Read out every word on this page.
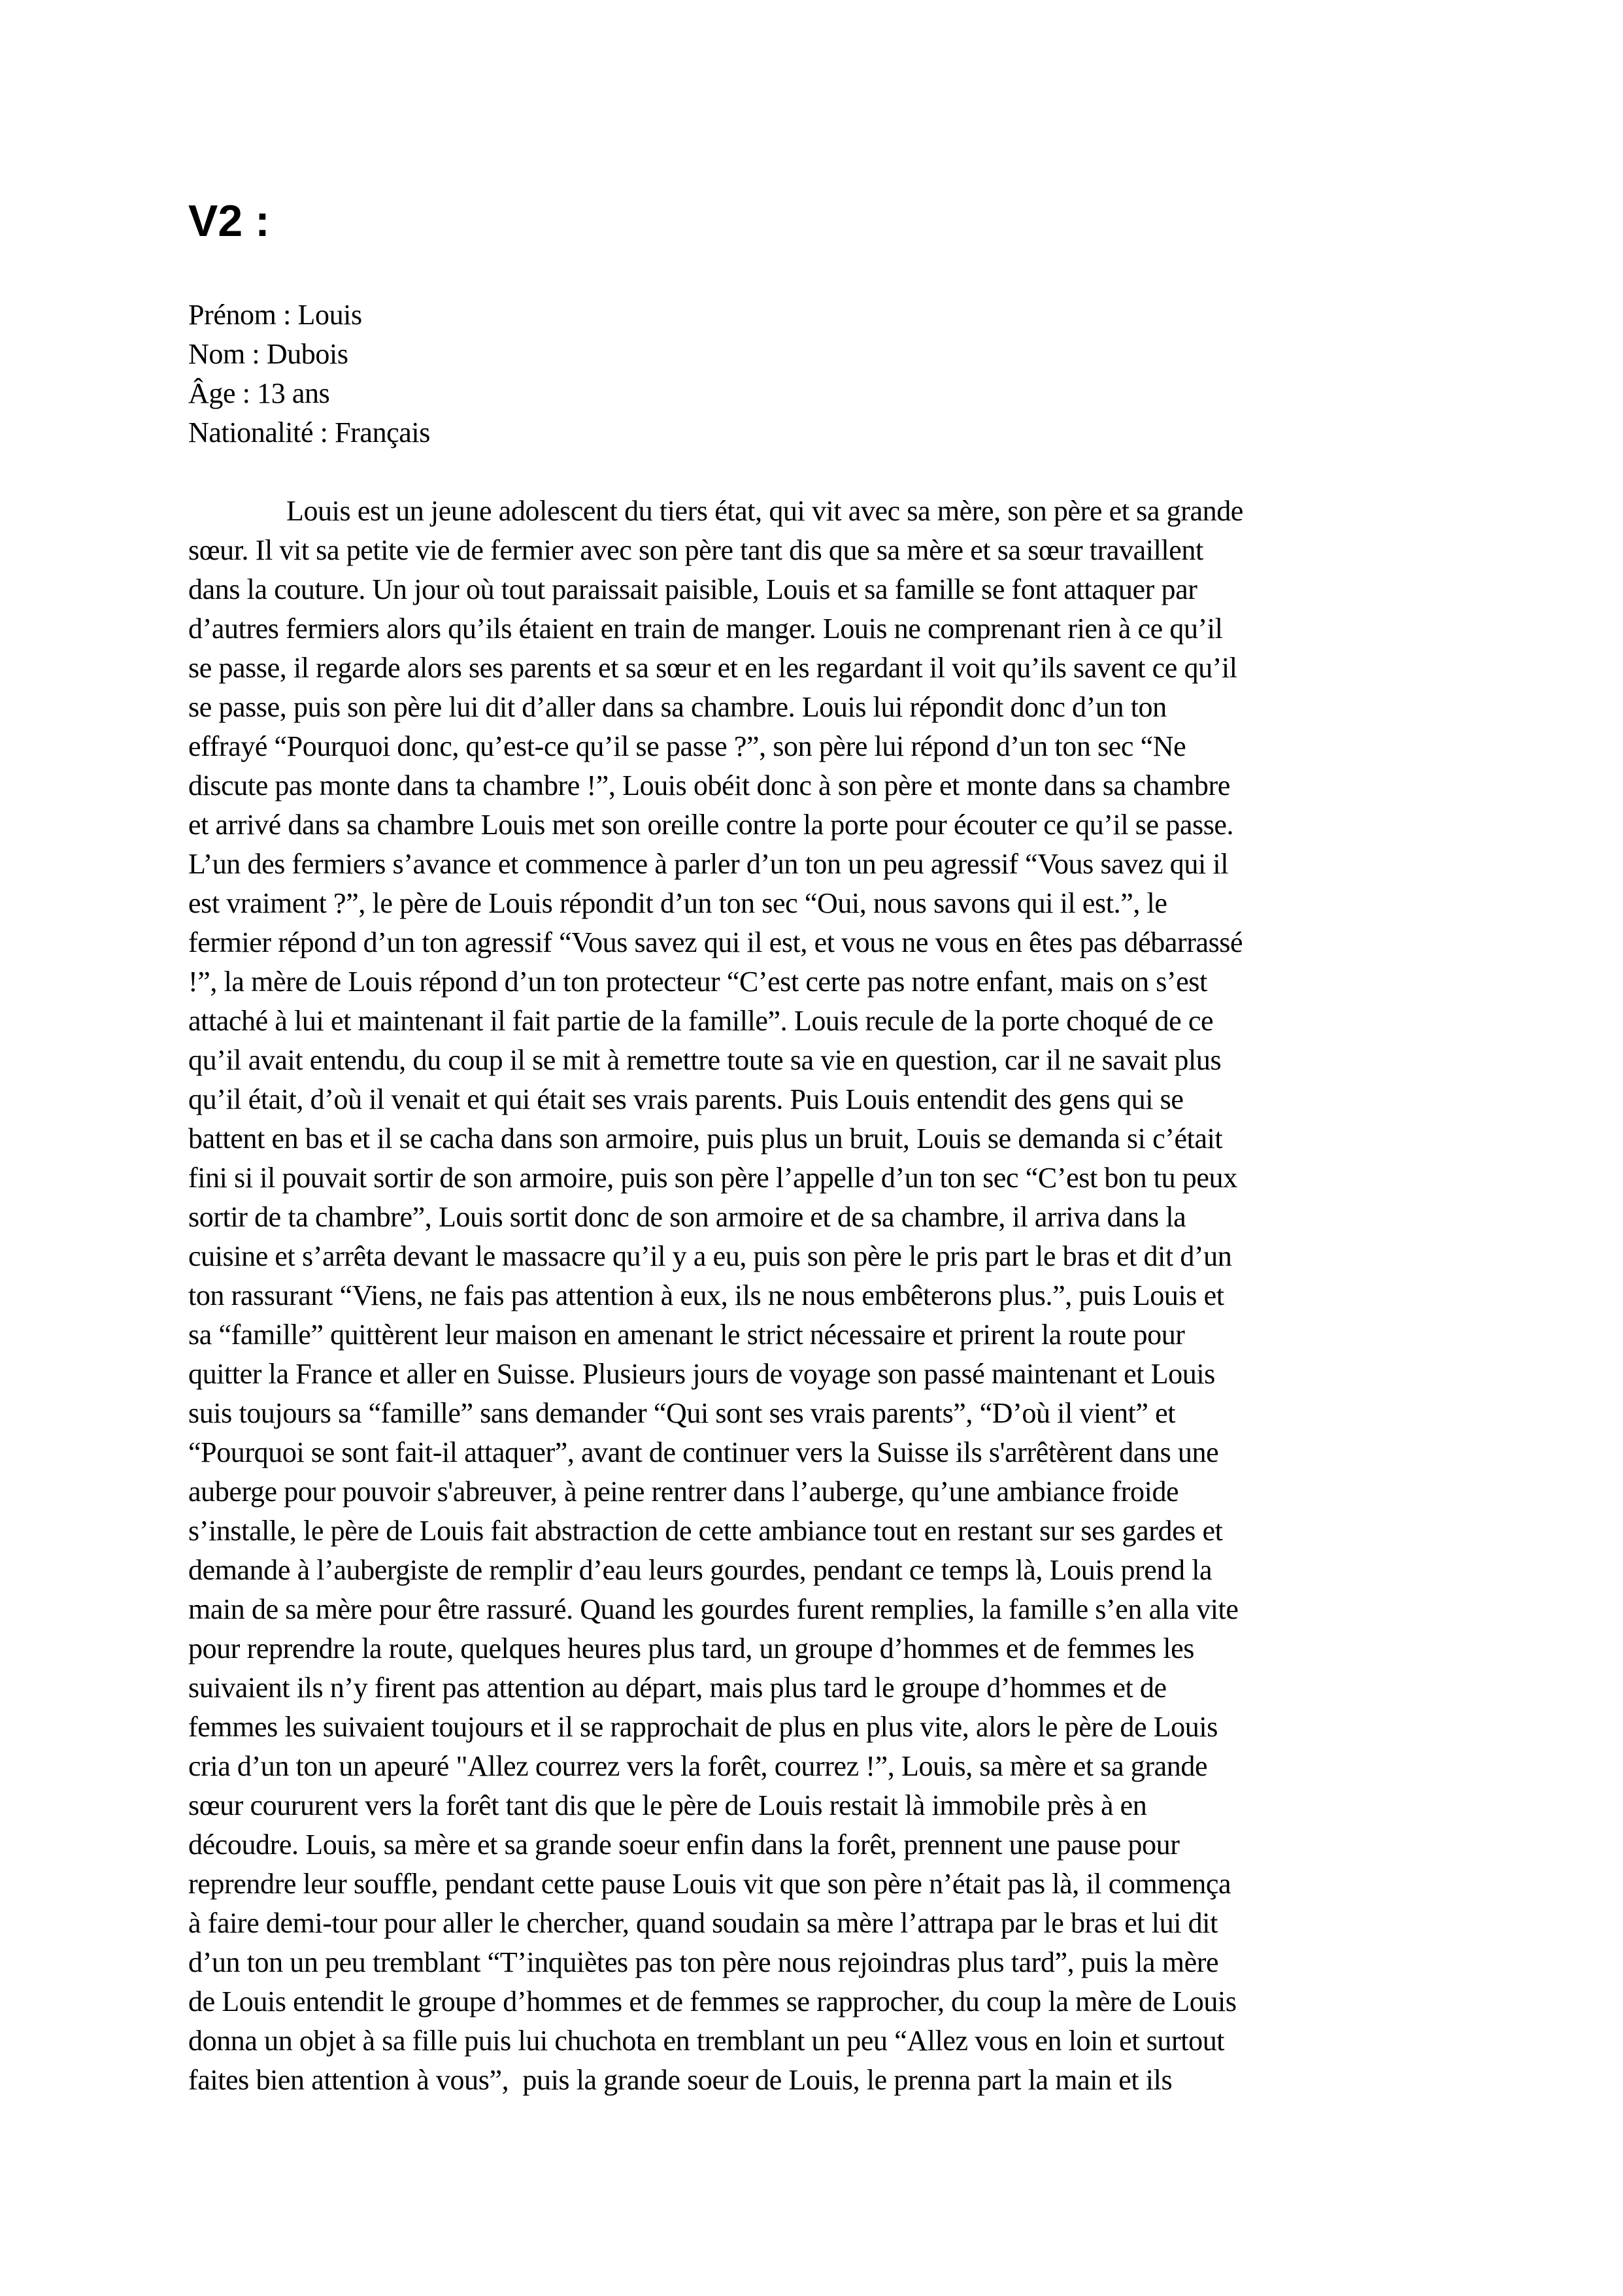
V2 :
Prénom : Louis
Nom : Dubois
Âge : 13 ans
Nationalité : Français
Louis est un jeune adolescent du tiers état, qui vit avec sa mère, son père et sa grande
sœur. Il vit sa petite vie de fermier avec son père tant dis que sa mère et sa sœur travaillent
dans la couture. Un jour où tout paraissait paisible, Louis et sa famille se font attaquer par
d’autres fermiers alors qu’ils étaient en train de manger. Louis ne comprenant rien à ce qu’il
se passe, il regarde alors ses parents et sa sœur et en les regardant il voit qu’ils savent ce qu’il
se passe, puis son père lui dit d’aller dans sa chambre. Louis lui répondit donc d’un ton
effrayé “Pourquoi donc, qu’est-ce qu’il se passe ?”, son père lui répond d’un ton sec “Ne
discute pas monte dans ta chambre !”, Louis obéit donc à son père et monte dans sa chambre
et arrivé dans sa chambre Louis met son oreille contre la porte pour écouter ce qu’il se passe.
L’un des fermiers s’avance et commence à parler d’un ton un peu agressif “Vous savez qui il
est vraiment ?”, le père de Louis répondit d’un ton sec “Oui, nous savons qui il est.”, le
fermier répond d’un ton agressif “Vous savez qui il est, et vous ne vous en êtes pas débarrassé
!”, la mère de Louis répond d’un ton protecteur “C’est certe pas notre enfant, mais on s’est
attaché à lui et maintenant il fait partie de la famille”. Louis recule de la porte choqué de ce
qu’il avait entendu, du coup il se mit à remettre toute sa vie en question, car il ne savait plus
qu’il était, d’où il venait et qui était ses vrais parents. Puis Louis entendit des gens qui se
battent en bas et il se cacha dans son armoire, puis plus un bruit, Louis se demanda si c’était
fini si il pouvait sortir de son armoire, puis son père l’appelle d’un ton sec “C’est bon tu peux
sortir de ta chambre”, Louis sortit donc de son armoire et de sa chambre, il arriva dans la
cuisine et s’arrêta devant le massacre qu’il y a eu, puis son père le pris part le bras et dit d’un
ton rassurant “Viens, ne fais pas attention à eux, ils ne nous embêterons plus.”, puis Louis et
sa “famille” quittèrent leur maison en amenant le strict nécessaire et prirent la route pour
quitter la France et aller en Suisse. Plusieurs jours de voyage son passé maintenant et Louis
suis toujours sa “famille” sans demander “Qui sont ses vrais parents”, “D’où il vient” et
“Pourquoi se sont fait-il attaquer”, avant de continuer vers la Suisse ils s'arrêtèrent dans une
auberge pour pouvoir s'abreuver, à peine rentrer dans l’auberge, qu’une ambiance froide
s’installe, le père de Louis fait abstraction de cette ambiance tout en restant sur ses gardes et
demande à l’aubergiste de remplir d’eau leurs gourdes, pendant ce temps là, Louis prend la
main de sa mère pour être rassuré. Quand les gourdes furent remplies, la famille s’en alla vite
pour reprendre la route, quelques heures plus tard, un groupe d’hommes et de femmes les
suivaient ils n’y firent pas attention au départ, mais plus tard le groupe d’hommes et de
femmes les suivaient toujours et il se rapprochait de plus en plus vite, alors le père de Louis
cria d’un ton un apeuré "Allez courrez vers la forêt, courrez !”, Louis, sa mère et sa grande
sœur coururent vers la forêt tant dis que le père de Louis restait là immobile près à en
découdre. Louis, sa mère et sa grande soeur enfin dans la forêt, prennent une pause pour
reprendre leur souffle, pendant cette pause Louis vit que son père n’était pas là, il commença
à faire demi-tour pour aller le chercher, quand soudain sa mère l’attrapa par le bras et lui dit
d’un ton un peu tremblant “T’inquiètes pas ton père nous rejoindras plus tard”, puis la mère
de Louis entendit le groupe d’hommes et de femmes se rapprocher, du coup la mère de Louis
donna un objet à sa fille puis lui chuchota en tremblant un peu “Allez vous en loin et surtout
faites bien attention à vous”,  puis la grande soeur de Louis, le prenna part la main et ils
